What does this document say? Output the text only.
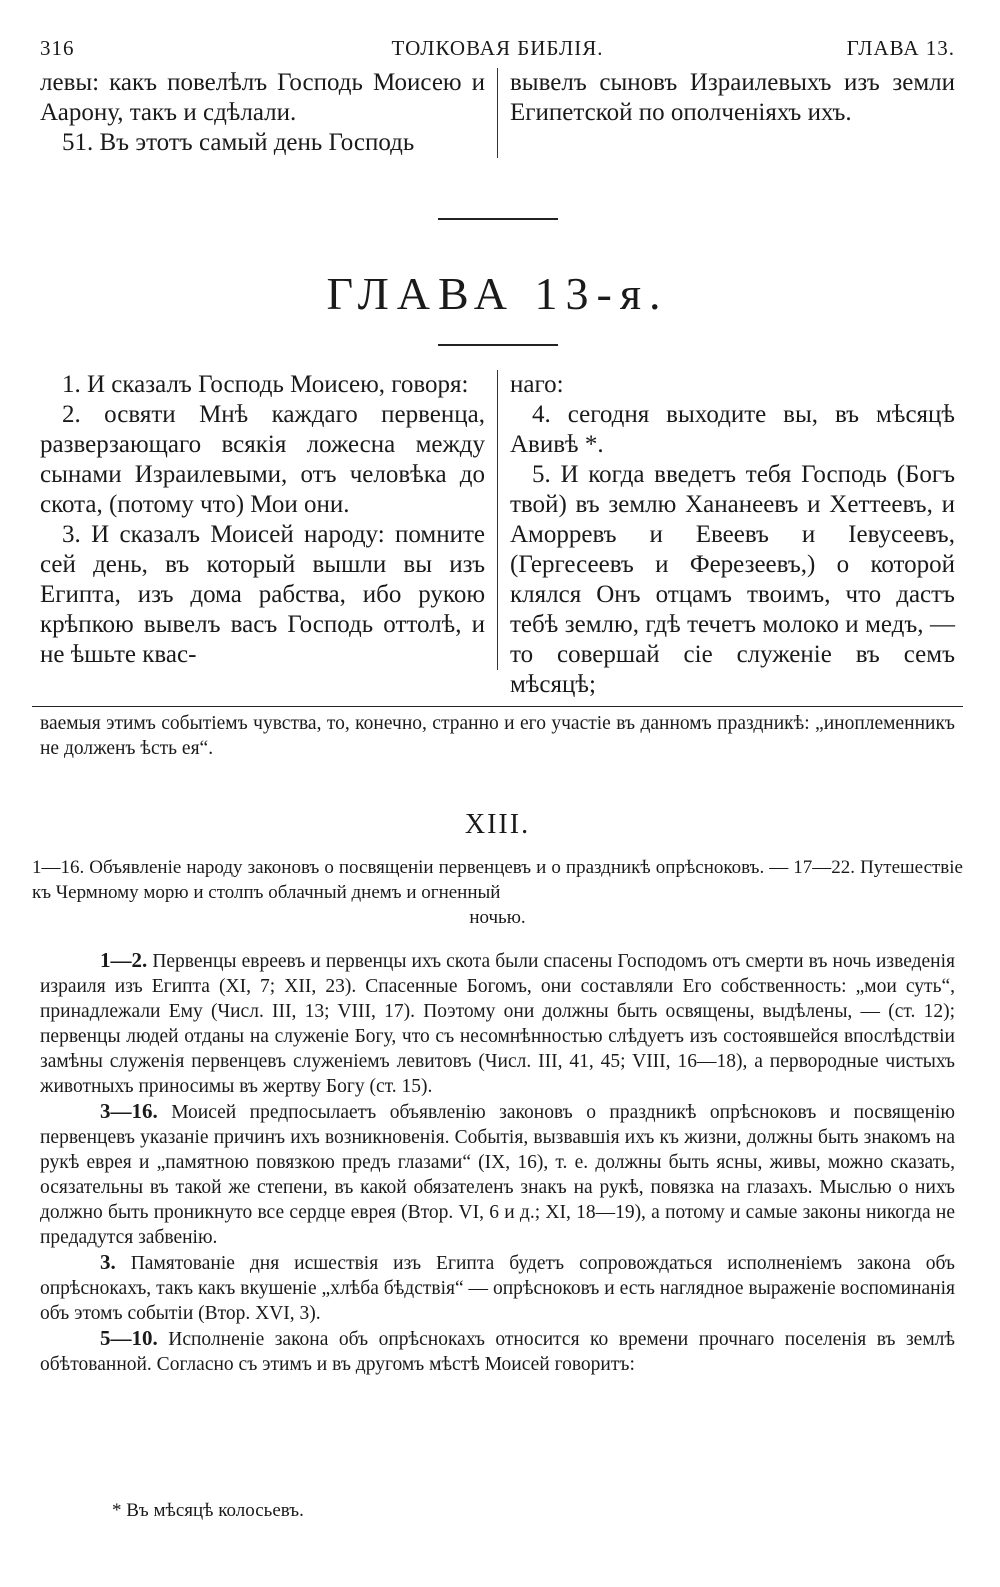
316	ТОЛКОВАЯ БИБЛІЯ.	ГЛАВА 13.

левы: какъ повелѣлъ Господь Моисею и Аарону, такъ и сдѣлали.

51. Въ этотъ самый день Господь

вывелъ сыновъ Израилевыхъ изъ земли Египетской по ополченіяхъ ихъ.

ГЛАВА 13-я.

1. И сказалъ Господь Моисею, говоря:

2. освяти Мнѣ каждаго первенца, разверзающаго всякія ложесна между сынами Израилевыми, отъ человѣка до скота, (потому что) Мои они.

3. И сказалъ Моисей народу: помните сей день, въ который вышли вы изъ Египта, изъ дома рабства, ибо рукою крѣпкою вывелъ васъ Господь оттолѣ, и не ѣшьте квас-

наго:

4. сегодня выходите вы, въ мѣсяцѣ Авивѣ *.

5. И когда введетъ тебя Господь (Богъ твой) въ землю Хананеевъ и Хеттеевъ, и Аморревъ и Евеевъ и Іевусеевъ, (Гергесеевъ и Ферезеевъ,) о которой клялся Онъ отцамъ твоимъ, что дастъ тебѣ землю, гдѣ течетъ молоко и медъ, — то совершай сіе служеніе въ семъ мѣсяцѣ;

ваемыя этимъ событіемъ чувства, то, конечно, странно и его участіе въ данномъ праздникѣ: „иноплеменникъ не долженъ ѣсть ея“.

XIII.

1—16. Объявленіе народу законовъ о посвященіи первенцевъ и о праздникѣ опрѣсноковъ. — 17—22. Путешествіе къ Чермному морю и столпъ облачный днемъ и огненный

ночью.

1—2. Первенцы евреевъ и первенцы ихъ скота были спасены Господомъ отъ смерти въ ночь изведенія израиля изъ Египта (XI, 7; XII, 23). Спасенные Богомъ, они составляли Его собственность: „мои суть“, принадлежали Ему (Числ. III, 13; VIII, 17). Поэтому они должны быть освящены, выдѣлены, — (ст. 12); первенцы людей отданы на служеніе Богу, что съ несомнѣнностью слѣдуетъ изъ состоявшейся впослѣдствіи замѣны служенія первенцевъ служеніемъ левитовъ (Числ. III, 41, 45; VIII, 16—18), а первородные чистыхъ животныхъ приносимы въ жертву Богу (ст. 15).

3—16. Моисей предпосылаетъ объявленію законовъ о праздникѣ опрѣсноковъ и посвященію первенцевъ указаніе причинъ ихъ возникновенія. Событія, вызвавшія ихъ къ жизни, должны быть знакомъ на рукѣ еврея и „памятною повязкою предъ глазами“ (IX, 16), т. е. должны быть ясны, живы, можно сказать, осязательны въ такой же степени, въ какой обязателенъ знакъ на рукѣ, повязка на глазахъ. Мыслью о нихъ должно быть проникнуто все сердце еврея (Втор. VI, 6 и д.; XI, 18—19), а потому и самые законы никогда не предадутся забвенію.

3. Памятованіе дня исшествія изъ Египта будетъ сопровождаться исполненіемъ закона объ опрѣснокахъ, такъ какъ вкушеніе „хлѣба бѣдствія“ — опрѣсноковъ и есть наглядное выраженіе воспоминанія объ этомъ событіи (Втор. XVI, 3).

5—10. Исполненіе закона объ опрѣснокахъ относится ко времени прочнаго поселенія въ землѣ обѣтованной. Согласно съ этимъ и въ другомъ мѣстѣ Моисей говоритъ:

* Въ мѣсяцѣ колосьевъ.
